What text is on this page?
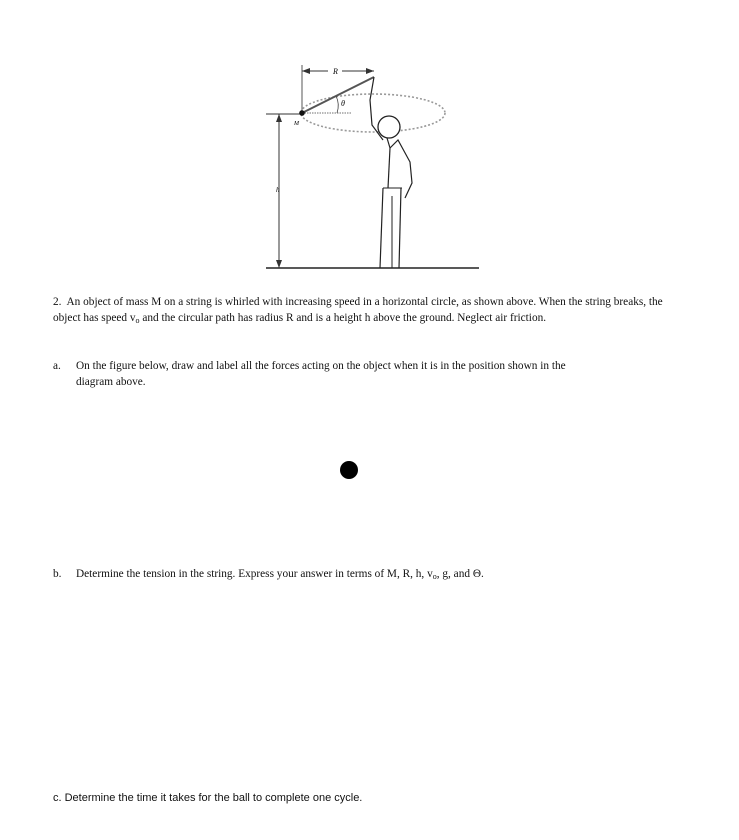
h
R
θ
M
2. An object of mass M on a string is whirled with increasing speed in a horizontal circle, as shown above. When the string breaks, the object has speed $v_o$ and the circular path has radius R and is a height h above the ground. Neglect air friction.
a. On the figure below, draw and label all the forces acting on the object when it is in the position shown in the
diagram above.
b. Determine the tension in the string. Express your answer in terms of M, R, h, $v_o$, g, and Θ.
c. Determine the time it takes for the ball to complete one cycle.
